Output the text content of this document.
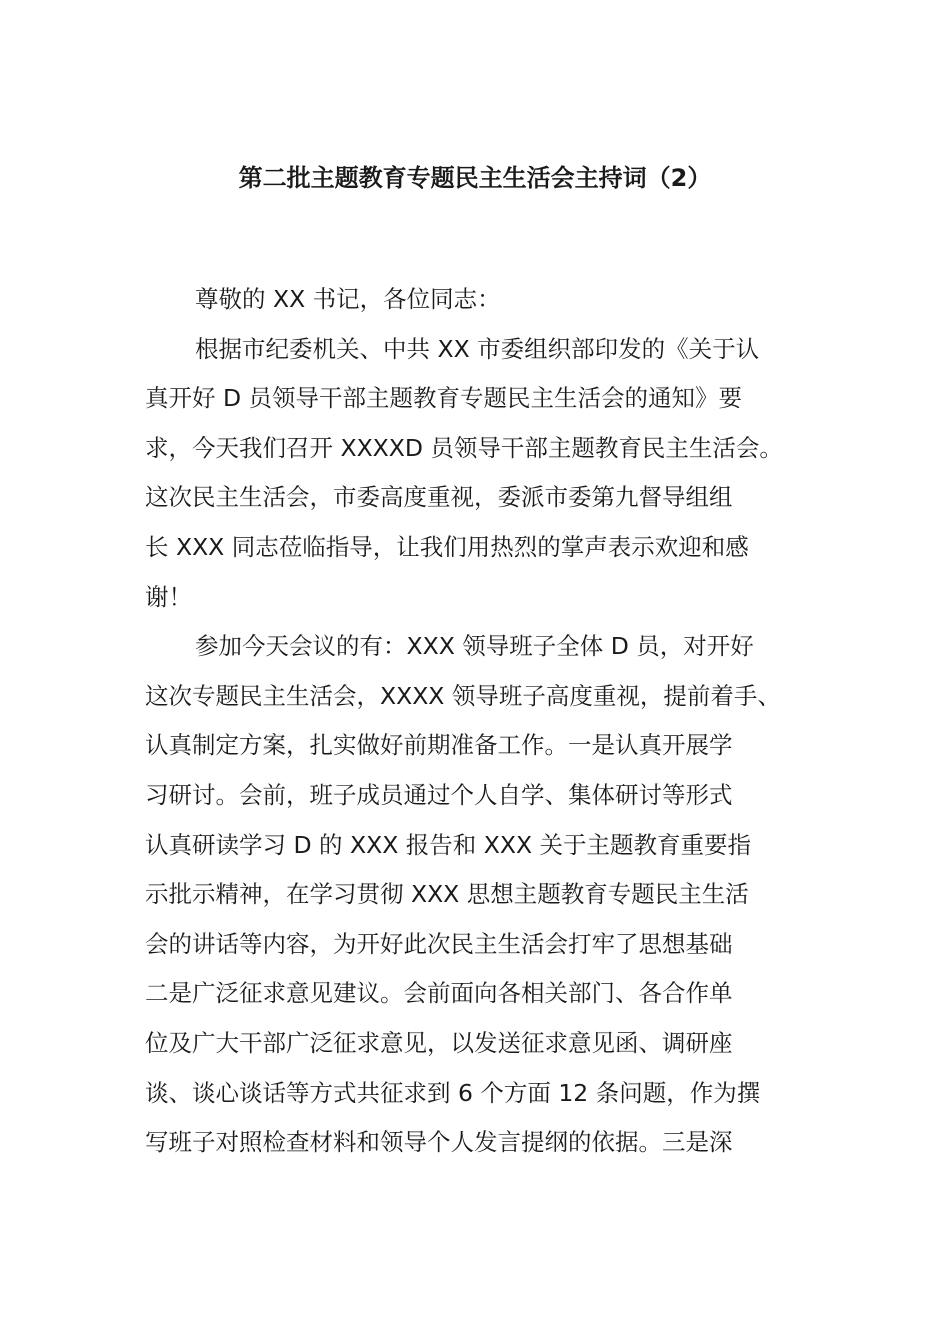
第二批主题教育专题民主生活会主持词（2）
尊敬的 XX 书记，各位同志：
根据市纪委机关、中共 XX 市委组织部印发的《关于认
真开好 D 员领导干部主题教育专题民主生活会的通知》要
求，今天我们召开 XXXXD 员领导干部主题教育民主生活会。
这次民主生活会，市委高度重视，委派市委第九督导组组
长 XXX 同志莅临指导，让我们用热烈的掌声表示欢迎和感
谢！
参加今天会议的有：XXX 领导班子全体 D 员，对开好
这次专题民主生活会，XXXX 领导班子高度重视，提前着手、
认真制定方案，扎实做好前期准备工作。一是认真开展学
习研讨。会前，班子成员通过个人自学、集体研讨等形式
认真研读学习 D 的 XXX 报告和 XXX 关于主题教育重要指
示批示精神，在学习贯彻 XXX 思想主题教育专题民主生活
会的讲话等内容，为开好此次民主生活会打牢了思想基础
二是广泛征求意见建议。会前面向各相关部门、各合作单
位及广大干部广泛征求意见，以发送征求意见函、调研座
谈、谈心谈话等方式共征求到 6 个方面 12 条问题，作为撰
写班子对照检查材料和领导个人发言提纲的依据。三是深
